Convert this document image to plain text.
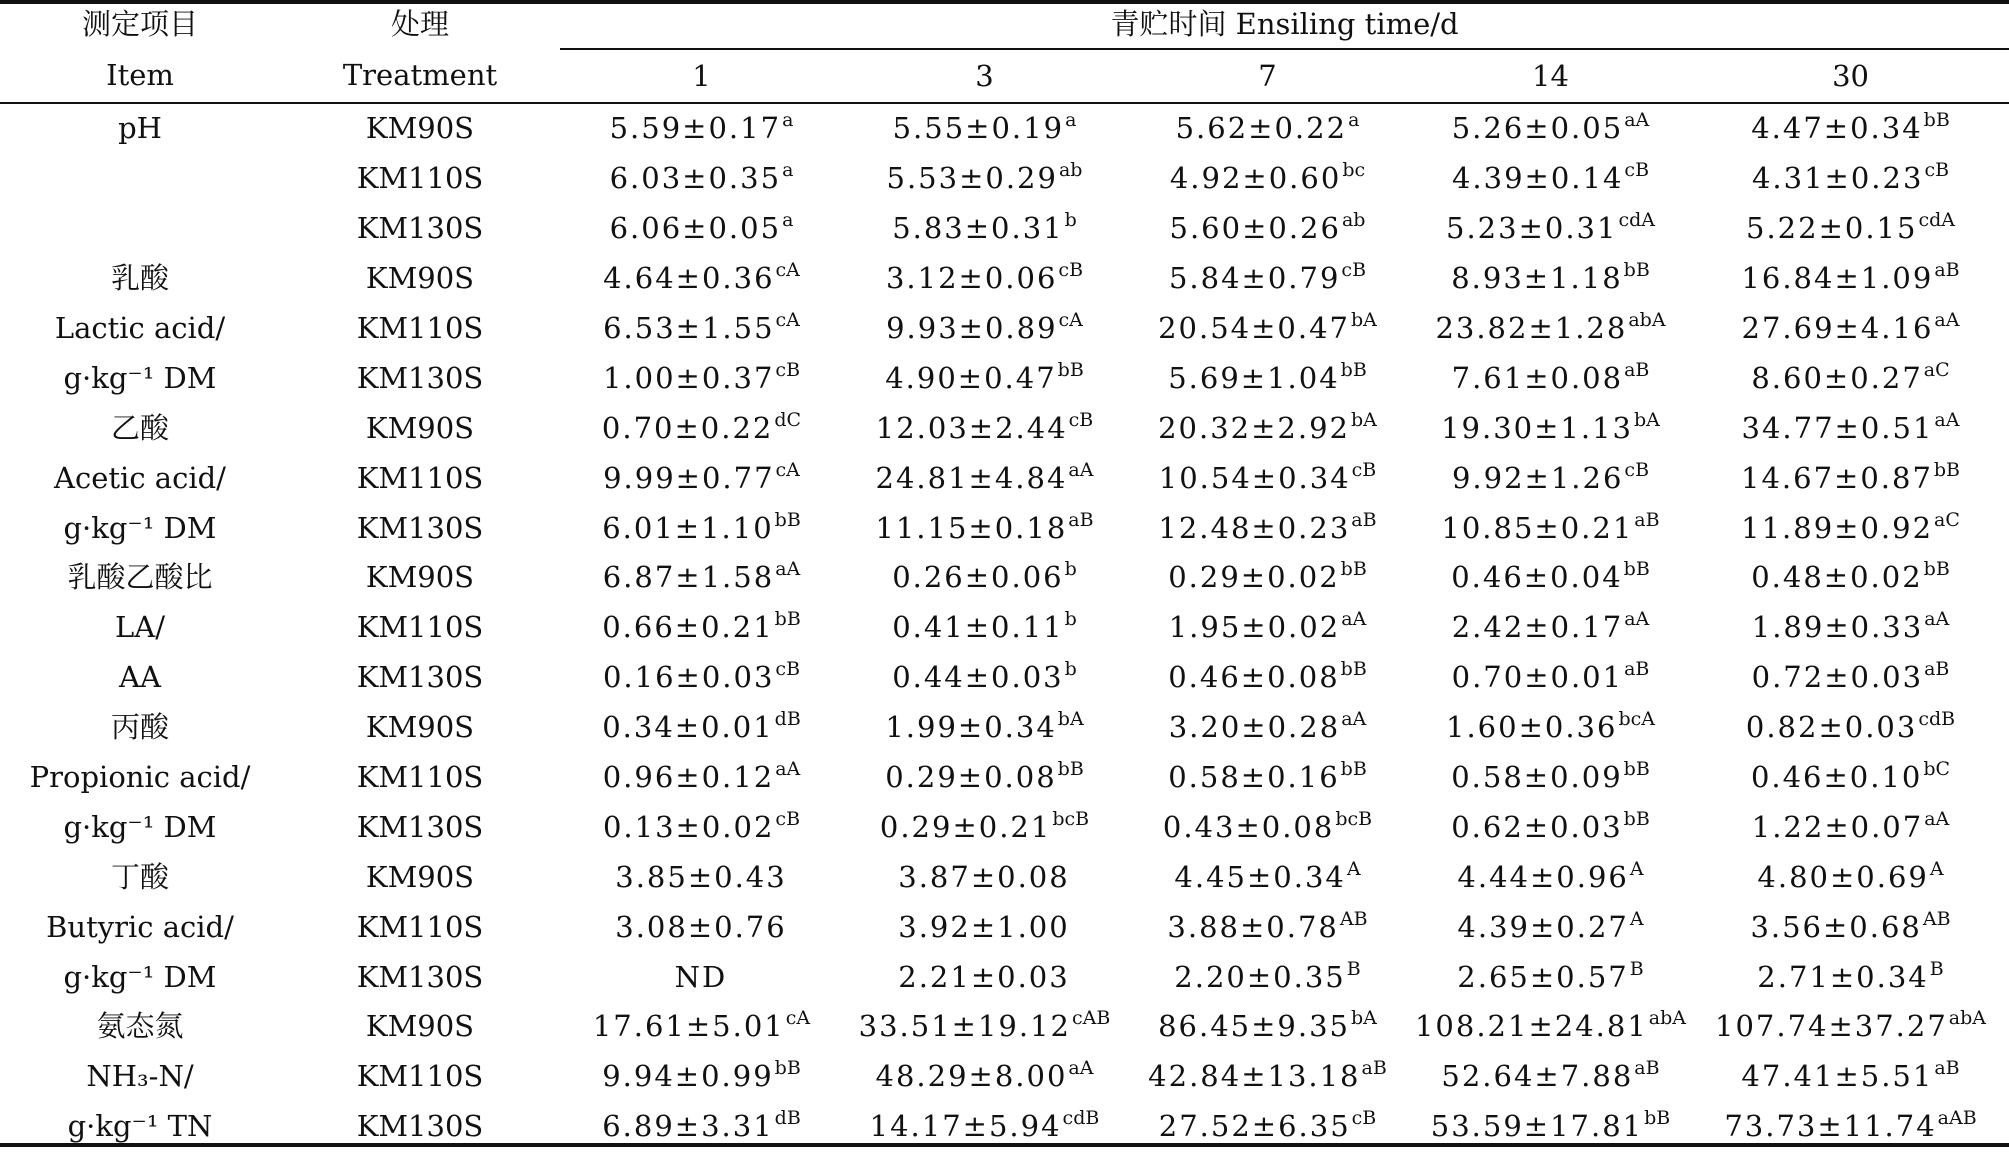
测定项目	处理	青贮时间 Ensiling time/d				
Item	Treatment	1	3	7	14	30
pH	KM90S	5.59±0.17$^a$	5.55±0.19$^a$	5.62±0.22$^a$	$5.26\pm 0.05^{aA}$	$4.47\pm 0.34^{bB}$
	KM110S	6.03±0.35$^a$	5.53±0.29$^{ab}$	4.92±0.60$^{bc}$	$4.39\pm 0.14^{cB}$	$4.31\pm 0.23^{cB}$
	KM130S	6.06±0.05$^a$	5.83±0.31$^b$	5.60±0.26$^{ab}$	$5.23\pm 0.31^{cdA}$	$5.22\pm 0.15^{cdA}$
乳酸	KM90S	$4.64\pm 0.36^{cA}$	$3.12\pm 0.06^{cB}$	$5.84\pm 0.79^{cB}$	$8.93\pm 1.18^{bB}$	$16.84\pm 1.09^{aB}$
Lactic acid/	KM110S	$6.53\pm 1.55^{cA}$	$9.93\pm 0.89^{cA}$	$20.54\pm 0.47^{bA}$	$23.82\pm 1.28^{abA}$	$27.69\pm 4.16^{aA}$
g·kg⁻¹ DM	KM130S	$1.00\pm 0.37^{cB}$	$4.90\pm 0.47^{bB}$	$5.69\pm 1.04^{bB}$	$7.61\pm 0.08^{aB}$	$8.60\pm 0.27^{aC}$
乙酸	KM90S	$0.70\pm 0.22^{dC}$	$12.03\pm 2.44^{cB}$	$20.32\pm 2.92^{bA}$	$19.30\pm 1.13^{bA}$	$34.77\pm 0.51^{aA}$
Acetic acid/	KM110S	$9.99\pm 0.77^{cA}$	$24.81\pm 4.84^{aA}$	$10.54\pm 0.34^{cB}$	$9.92\pm 1.26^{cB}$	$14.67\pm 0.87^{bB}$
g·kg⁻¹ DM	KM130S	$6.01\pm 1.10^{bB}$	$11.15\pm 0.18^{aB}$	$12.48\pm 0.23^{aB}$	$10.85\pm 0.21^{aB}$	$11.89\pm 0.92^{aC}$
乳酸乙酸比	KM90S	$6.87\pm 1.58^{aA}$	0.26±0.06$^b$	$0.29\pm 0.02^{bB}$	$0.46\pm 0.04^{bB}$	$0.48\pm 0.02^{bB}$
LA/	KM110S	$0.66\pm 0.21^{bB}$	0.41±0.11$^b$	$1.95\pm 0.02^{aA}$	$2.42\pm 0.17^{aA}$	$1.89\pm 0.33^{aA}$
AA	KM130S	$0.16\pm 0.03^{cB}$	0.44±0.03$^b$	$0.46\pm 0.08^{bB}$	$0.70\pm 0.01^{aB}$	$0.72\pm 0.03^{aB}$
丙酸	KM90S	$0.34\pm 0.01^{dB}$	$1.99\pm 0.34^{bA}$	$3.20\pm 0.28^{aA}$	$1.60\pm 0.36^{bcA}$	$0.82\pm 0.03^{cdB}$
Propionic acid/	KM110S	$0.96\pm 0.12^{aA}$	$0.29\pm 0.08^{bB}$	$0.58\pm 0.16^{bB}$	$0.58\pm 0.09^{bB}$	$0.46\pm 0.10^{bC}$
g·kg⁻¹ DM	KM130S	$0.13\pm 0.02^{cB}$	$0.29\pm 0.21^{bcB}$	$0.43\pm 0.08^{bcB}$	$0.62\pm 0.03^{bB}$	$1.22\pm 0.07^{aA}$
丁酸	KM90S	3.85±0.43	3.87±0.08	$4.45\pm 0.34^A$	$4.44\pm 0.96^A$	$4.80\pm 0.69^A$
Butyric acid/	KM110S	3.08±0.76	3.92±1.00	$3.88\pm 0.78^{AB}$	$4.39\pm 0.27^A$	$3.56\pm 0.68^{AB}$
g·kg⁻¹ DM	KM130S	ND	2.21±0.03	$2.20\pm 0.35^B$	$2.65\pm 0.57^B$	$2.71\pm 0.34^B$
氨态氮	KM90S	$17.61\pm 5.01^{cA}$	$33.51\pm 19.12^{cAB}$	$86.45\pm 9.35^{bA}$	$108.21\pm 24.81^{abA}$	$107.74\pm 37.27^{abA}$
NH₃-N/	KM110S	$9.94\pm 0.99^{bB}$	$48.29\pm 8.00^{aA}$	$42.84\pm 13.18^{aB}$	$52.64\pm 7.88^{aB}$	$47.41\pm 5.51^{aB}$
g·kg⁻¹ TN	KM130S	$6.89\pm 3.31^{dB}$	$14.17\pm 5.94^{cdB}$	$27.52\pm 6.35^{cB}$	$53.59\pm 17.81^{bB}$	$73.73\pm 11.74^{aAB}$
